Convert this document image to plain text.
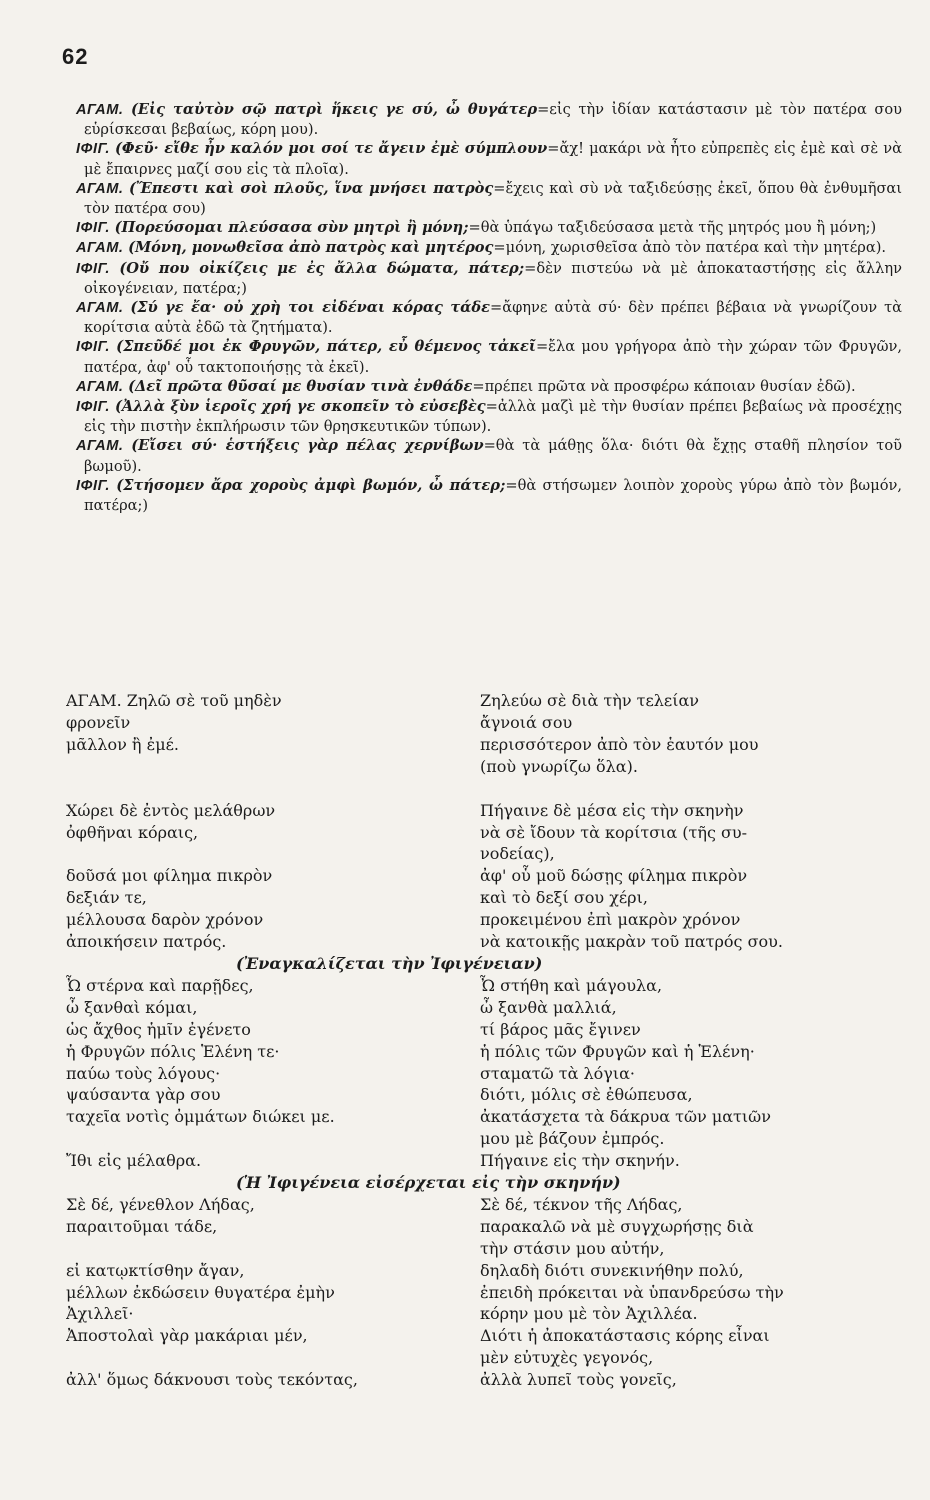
62

ΑΓΑΜ. (Εἰς ταὐτὸν σῷ πατρὶ ἥκεις γε σύ, ὦ θυγάτερ=εἰς τὴν ἰδίαν κατάστασιν μὲ τὸν πατέρα σου εὑρίσκεσαι βεβαίως, κόρη μου).

ΙΦΙΓ. (Φεῦ· εἴθε ἦν καλόν μοι σοί τε ἄγειν ἐμὲ σύμπλουν=ἄχ! μακάρι νὰ ἦτο εὐπρεπὲς εἰς ἐμὲ καὶ σὲ νὰ μὲ ἔπαιρνες μαζί σου εἰς τὰ πλοῖα).

ΑΓΑΜ. (Ἔπεστι καὶ σοὶ πλοῦς, ἵνα μνήσει πατρὸς=ἔχεις καὶ σὺ νὰ ταξιδεύσῃς ἐκεῖ, ὅπου θὰ ἐνθυμῆσαι τὸν πατέρα σου)

ΙΦΙΓ. (Πορεύσομαι πλεύσασα σὺν μητρὶ ἢ μόνη;=θὰ ὑπάγω ταξιδεύσασα μετὰ τῆς μητρός μου ἢ μόνη;)

ΑΓΑΜ. (Μόνη, μονωθεῖσα ἀπὸ πατρὸς καὶ μητέρος=μόνη, χωρισθεῖσα ἀπὸ τὸν πατέρα καὶ τὴν μητέρα).

ΙΦΙΓ. (Οὔ που οἰκίζεις με ἐς ἄλλα δώματα, πάτερ;=δὲν πιστεύω νὰ μὲ ἀποκαταστήσῃς εἰς ἄλλην οἰκογένειαν, πατέρα;)

ΑΓΑΜ. (Σύ γε ἔα· οὐ χρὴ τοι εἰδέναι κόρας τάδε=ἄφηνε αὐτὰ σύ· δὲν πρέπει βέβαια νὰ γνωρίζουν τὰ κορίτσια αὐτὰ ἐδῶ τὰ ζητήματα).

ΙΦΙΓ. (Σπεῦδέ μοι ἐκ Φρυγῶν, πάτερ, εὖ θέμενος τἀκεῖ=ἔλα μου γρήγορα ἀπὸ τὴν χώραν τῶν Φρυγῶν, πατέρα, ἀφ' οὗ τακτοποιήσῃς τὰ ἐκεῖ).

ΑΓΑΜ. (Δεῖ πρῶτα θῦσαί με θυσίαν τινὰ ἐνθάδε=πρέπει πρῶτα νὰ προσφέρω κάποιαν θυσίαν ἐδῶ).

ΙΦΙΓ. (Ἀλλὰ ξὺν ἱεροῖς χρή γε σκοπεῖν τὸ εὐσεβὲς=ἀλλὰ μαζὶ μὲ τὴν θυσίαν πρέπει βεβαίως νὰ προσέχῃς εἰς τὴν πιστὴν ἐκπλήρωσιν τῶν θρησκευτικῶν τύπων).

ΑΓΑΜ. (Εἴσει σύ· ἑστήξεις γὰρ πέλας χερνίβων=θὰ τὰ μάθῃς ὅλα· διότι θὰ ἔχῃς σταθῆ πλησίον τοῦ βωμοῦ).

ΙΦΙΓ. (Στήσομεν ἄρα χοροὺς ἀμφὶ βωμόν, ὦ πάτερ;=θὰ στήσωμεν λοιπὸν χοροὺς γύρω ἀπὸ τὸν βωμόν, πατέρα;)

ΑΓΑΜ. Ζηλῶ σὲ τοῦ μηδὲν	Ζηλεύω σὲ διὰ τὴν τελείαν
φρονεῖν	ἄγνοιά σου
μᾶλλον ἢ ἐμέ.	περισσότερον ἀπὸ τὸν ἑαυτόν μου
(ποὺ γνωρίζω ὅλα).
Χώρει δὲ ἐντὸς μελάθρων	Πήγαινε δὲ μέσα εἰς τὴν σκηνὴν
ὀφθῆναι κόραις,	νὰ σὲ ἴδουν τὰ κορίτσια (τῆς συ-
νοδείας),
δοῦσά μοι φίλημα πικρὸν	ἀφ' οὗ μοῦ δώσῃς φίλημα πικρὸν
δεξιάν τε,	καὶ τὸ δεξί σου χέρι,
μέλλουσα δαρὸν χρόνον	προκειμένου ἐπὶ μακρὸν χρόνον
ἀποικήσειν πατρός.	νὰ κατοικῇς μακρὰν τοῦ πατρός σου.
(Ἐναγκαλίζεται τὴν Ἰφιγένειαν)
Ὦ στέρνα καὶ παρῇδες,	Ὦ στήθη καὶ μάγουλα,
ὦ ξανθαὶ κόμαι,	ὦ ξανθὰ μαλλιά,
ὡς ἄχθος ἡμῖν ἐγένετο	τί βάρος μᾶς ἔγινεν
ἡ Φρυγῶν πόλις Ἑλένη τε·	ἡ πόλις τῶν Φρυγῶν καὶ ἡ Ἑλένη·
παύω τοὺς λόγους·	σταματῶ τὰ λόγια·
ψαύσαντα γὰρ σου	διότι, μόλις σὲ ἐθώπευσα,
ταχεῖα νοτὶς ὀμμάτων διώκει με.	ἀκατάσχετα τὰ δάκρυα τῶν ματιῶν
μου μὲ βάζουν ἐμπρός.
Ἴθι εἰς μέλαθρα.	Πήγαινε εἰς τὴν σκηνήν.
(Ἡ Ἰφιγένεια εἰσέρχεται εἰς τὴν σκηνήν)
Σὲ δέ, γένεθλον Λήδας,	Σὲ δέ, τέκνον τῆς Λήδας,
παραιτοῦμαι τάδε,	παρακαλῶ νὰ μὲ συγχωρήσῃς διὰ
τὴν στάσιν μου αὐτήν,
εἰ κατῳκτίσθην ἄγαν,	δηλαδὴ διότι συνεκινήθην πολύ,
μέλλων ἐκδώσειν θυγατέρα ἐμὴν	ἐπειδὴ πρόκειται νὰ ὑπανδρεύσω τὴν
Ἀχιλλεῖ·	κόρην μου μὲ τὸν Ἀχιλλέα.
Ἀποστολαὶ γὰρ μακάριαι μέν,	Διότι ἡ ἀποκατάστασις κόρης εἶναι
μὲν εὐτυχὲς γεγονός,
ἀλλ' ὅμως δάκνουσι τοὺς τεκόντας,	ἀλλὰ λυπεῖ τοὺς γονεῖς,
